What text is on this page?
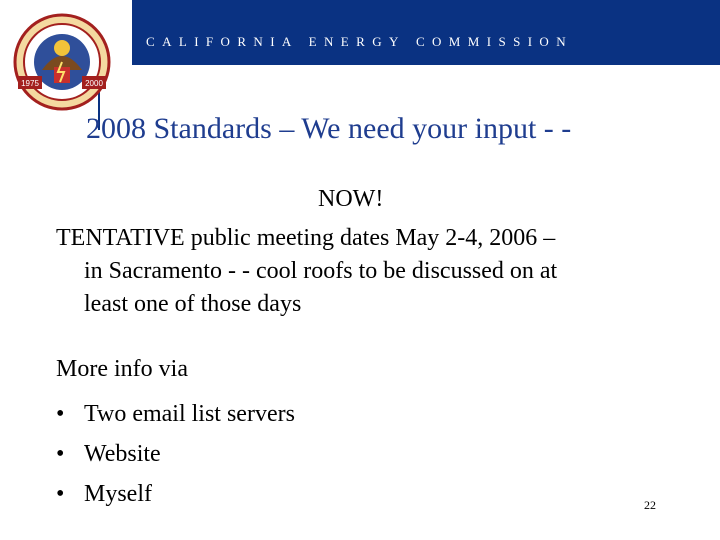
CALIFORNIA ENERGY COMMISSION
1975	2000
2008 Standards – We need your input - -
NOW!
TENTATIVE public meeting dates May 2-4, 2006 –
in Sacramento - - cool roofs to be discussed on at
least one of those days
More info via
• Two email list servers
• Website
• Myself	22
